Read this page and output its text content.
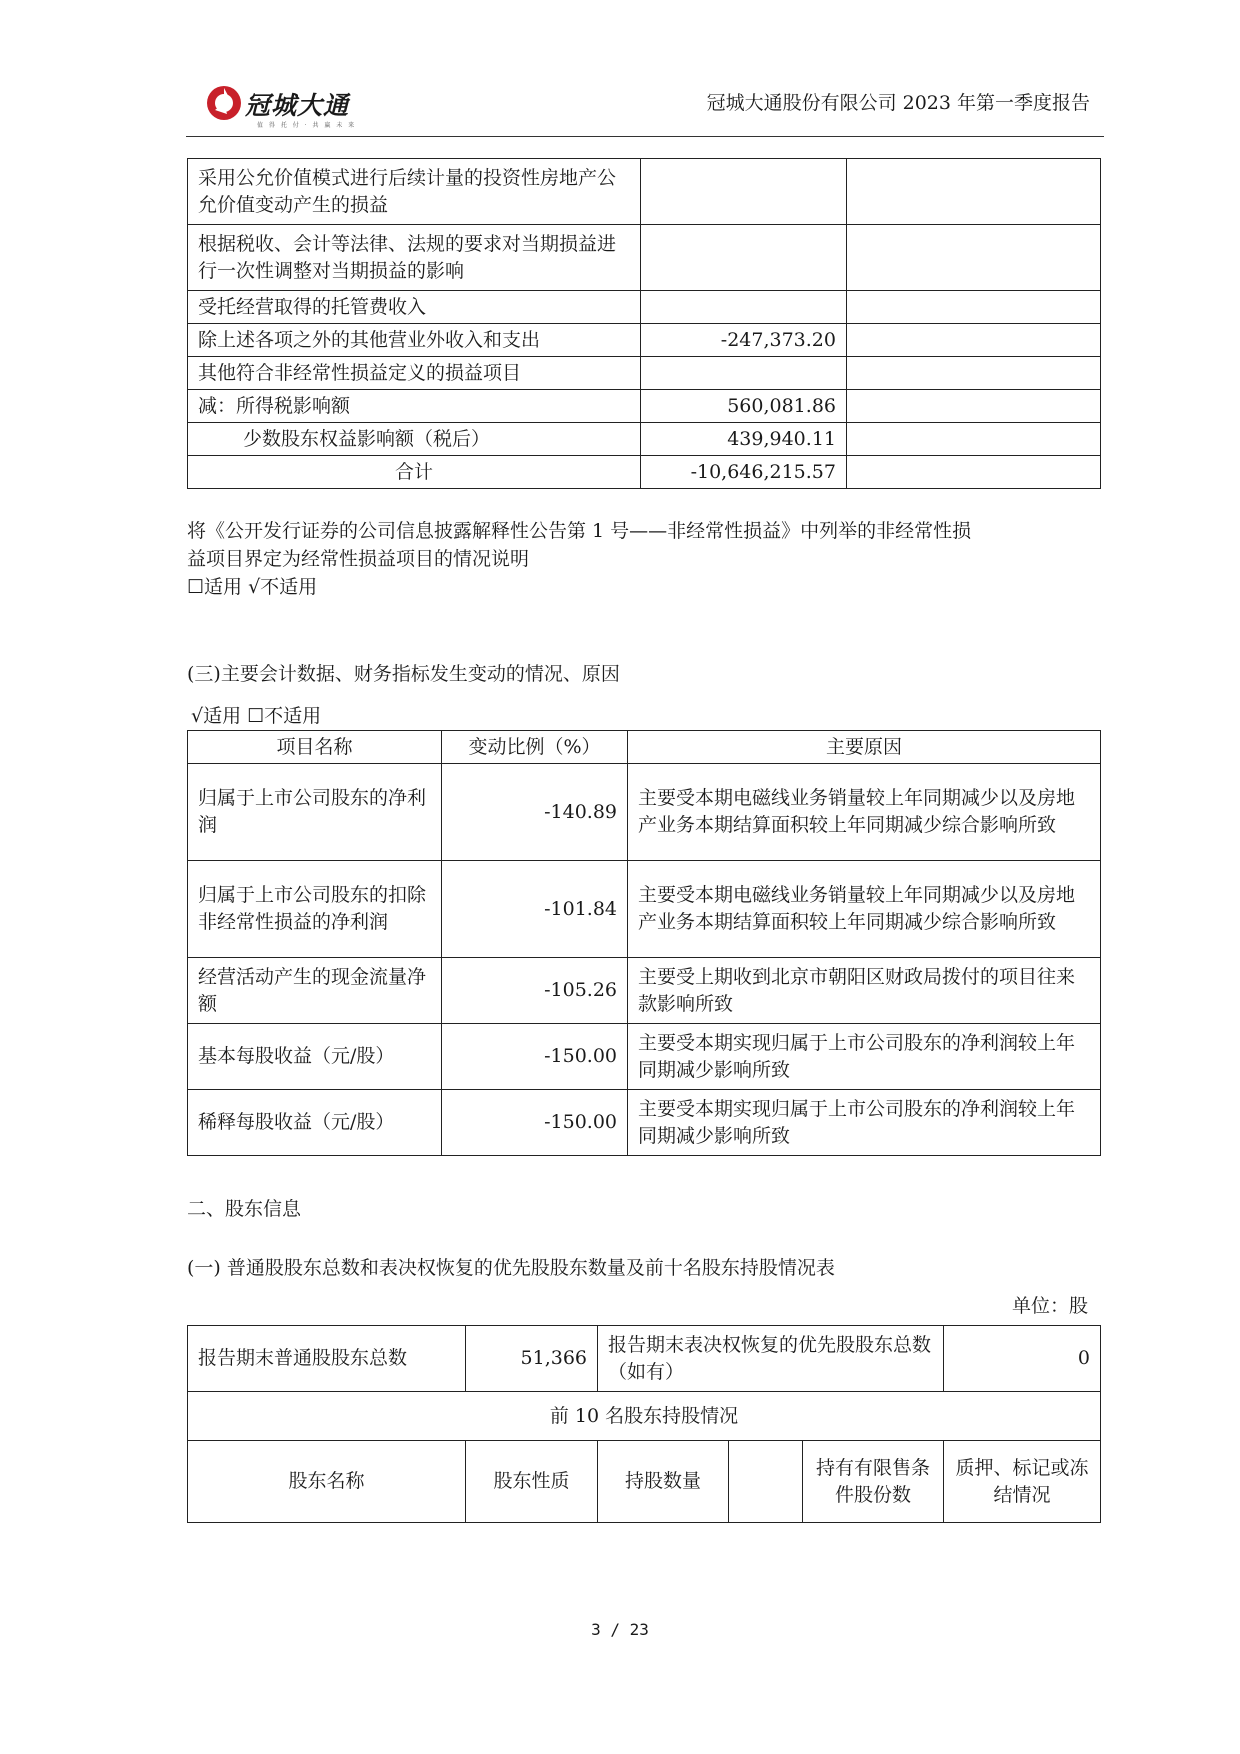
冠城大通
值 得 托 付 · 共 赢 未 来
冠城大通股份有限公司 2023 年第一季度报告
采用公允价值模式进行后续计量的投资性房地产公允价值变动产生的损益		
根据税收、会计等法律、法规的要求对当期损益进行一次性调整对当期损益的影响		
受托经营取得的托管费收入		
除上述各项之外的其他营业外收入和支出	-247,373.20	
其他符合非经常性损益定义的损益项目		
减：所得税影响额	560,081.86	
少数股东权益影响额（税后）	439,940.11	
合计	-10,646,215.57	
将《公开发行证券的公司信息披露解释性公告第 1 号——非经常性损益》中列举的非经常性损
益项目界定为经常性损益项目的情况说明
☐适用 √不适用
(三)主要会计数据、财务指标发生变动的情况、原因
√适用 ☐不适用
项目名称	变动比例（%）	主要原因
归属于上市公司股东的净利润	-140.89	主要受本期电磁线业务销量较上年同期减少以及房地产业务本期结算面积较上年同期减少综合影响所致
归属于上市公司股东的扣除非经常性损益的净利润	-101.84	主要受本期电磁线业务销量较上年同期减少以及房地产业务本期结算面积较上年同期减少综合影响所致
经营活动产生的现金流量净额	-105.26	主要受上期收到北京市朝阳区财政局拨付的项目往来款影响所致
基本每股收益（元/股）	-150.00	主要受本期实现归属于上市公司股东的净利润较上年同期减少影响所致
稀释每股收益（元/股）	-150.00	主要受本期实现归属于上市公司股东的净利润较上年同期减少影响所致
二、股东信息
(一) 普通股股东总数和表决权恢复的优先股股东数量及前十名股东持股情况表
单位：股
报告期末普通股股东总数	51,366	报告期末表决权恢复的优先股股东总数（如有）			0
前 10 名股东持股情况					
股东名称	股东性质	持股数量		持有有限售条件股份数	质押、标记或冻结情况
3 / 23
